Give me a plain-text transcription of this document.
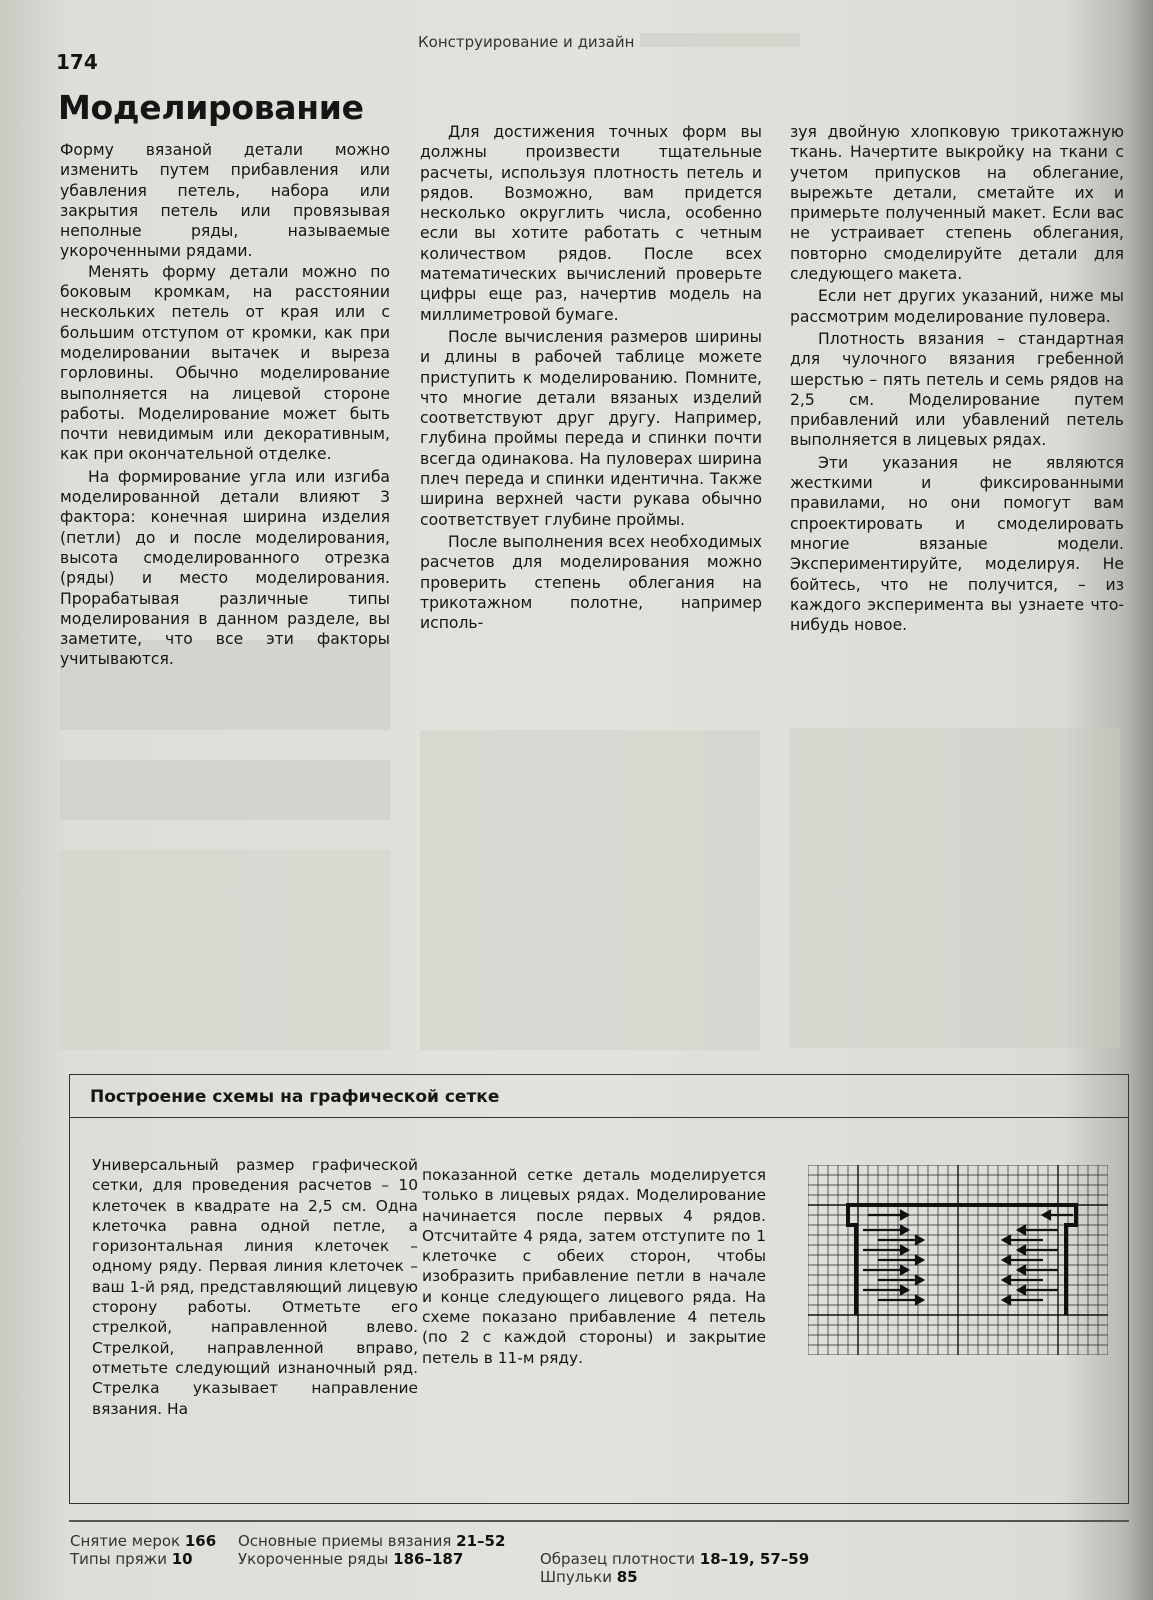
174
Конструирование и дизайн
Моделирование

Форму вязаной детали можно изменить путем прибавления или убавления петель, набора или закрытия петель или провязывая неполные ряды, называемые укороченными рядами.

Менять форму детали можно по боковым кромкам, на расстоянии нескольких петель от края или с большим отступом от кромки, как при моделировании вытачек и выреза горловины. Обычно моделирование выполняется на лицевой стороне работы. Моделирование может быть почти невидимым или декоративным, как при окончательной отделке.

На формирование угла или изгиба моделированной детали влияют 3 фактора: конечная ширина изделия (петли) до и после моделирования, высота смоделированного отрезка (ряды) и место моделирования. Прорабатывая различные типы моделирования в данном разделе, вы заметите, что все эти факторы учитываются.

Для достижения точных форм вы должны произвести тщательные расчеты, используя плотность петель и рядов. Возможно, вам придется несколько округлить числа, особенно если вы хотите работать с четным количеством рядов. После всех математических вычислений проверьте цифры еще раз, начертив модель на миллиметровой бумаге.

После вычисления размеров ширины и длины в рабочей таблице можете приступить к моделированию. Помните, что многие детали вязаных изделий соответствуют друг другу. Например, глубина проймы переда и спинки почти всегда одинакова. На пуловерах ширина плеч переда и спинки идентична. Также ширина верхней части рукава обычно соответствует глубине проймы.

После выполнения всех необходимых расчетов для моделирования можно проверить степень облегания на трикотажном полотне, например исполь-

зуя двойную хлопковую трикотажную ткань. Начертите выкройку на ткани с учетом припусков на облегание, вырежьте детали, сметайте их и примерьте полученный макет. Если вас не устраивает степень облегания, повторно смоделируйте детали для следующего макета.

Если нет других указаний, ниже мы рассмотрим моделирование пуловера.

Плотность вязания – стандартная для чулочного вязания гребенной шерстью – пять петель и семь рядов на 2,5 см. Моделирование путем прибавлений или убавлений петель выполняется в лицевых рядах.

Эти указания не являются жесткими и фиксированными правилами, но они помогут вам спроектировать и смоделировать многие вязаные модели. Экспериментируйте, моделируя. Не бойтесь, что не получится, – из каждого эксперимента вы узнаете что-нибудь новое.

Построение схемы на графической сетке
Универсальный размер графической сетки, для проведения расчетов – 10 клеточек в квадрате на 2,5 см. Одна клеточка равна одной петле, а горизонтальная линия клеточек – одному ряду. Первая линия клеточек – ваш 1-й ряд, представляющий лицевую сторону работы. Отметьте его стрелкой, направленной влево. Стрелкой, направленной вправо, отметьте следующий изнаночный ряд. Стрелка указывает направление вязания. На
показанной сетке деталь моделируется только в лицевых рядах. Моделирование начинается после первых 4 рядов. Отсчитайте 4 ряда, затем отступите по 1 клеточке с обеих сторон, чтобы изобразить прибавление петли в начале и конце следующего лицевого ряда. На схеме показано прибавление 4 петель (по 2 с каждой стороны) и закрытие петель в 11-м ряду.
Снятие мерок 166
Типы пряжи 10
Основные приемы вязания 21–52
Укороченные ряды 186–187	Образец плотности 18–19, 57–59
Шпульки 85
